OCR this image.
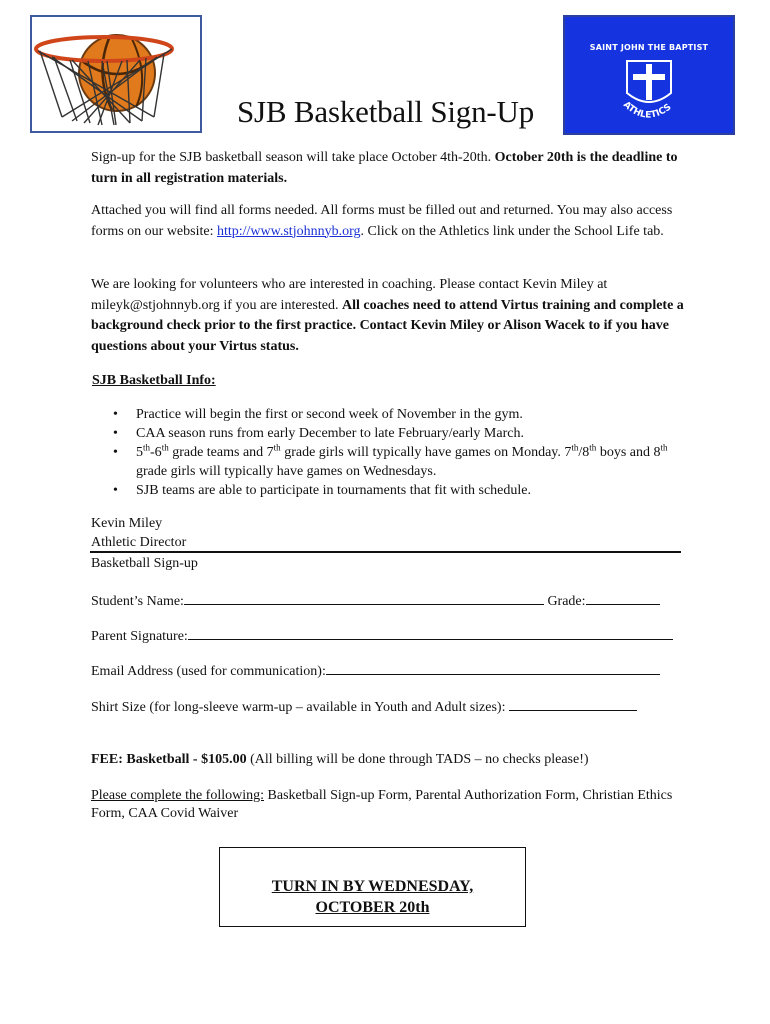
SAINT JOHN THE BAPTIST
ATHLETICS
SJB Basketball Sign-Up

Sign-up for the SJB basketball season will take place October 4th-20th. October 20th is the deadline to turn in all registration materials.

Attached you will find all forms needed. All forms must be filled out and returned. You may also access forms on our website: http://www.stjohnnyb.org. Click on the Athletics link under the School Life tab.

We are looking for volunteers who are interested in coaching. Please contact Kevin Miley at mileyk@stjohnnyb.org if you are interested. All coaches need to attend Virtus training and complete a background check prior to the first practice. Contact Kevin Miley or Alison Wacek to if you have questions about your Virtus status.

SJB Basketball Info:
• Practice will begin the first or second week of November in the gym.
• CAA season runs from early December to late February/early March.
• 5th-6th grade teams and 7th grade girls will typically have games on Monday. 7th/8th boys and 8th grade girls will typically have games on Wednesdays.
• SJB teams are able to participate in tournaments that fit with schedule.
Kevin Miley
Athletic Director
Basketball Sign-up
Student’s Name:	Grade:
Parent Signature:
Email Address (used for communication):
Shirt Size (for long-sleeve warm-up – available in Youth and Adult sizes):
FEE: Basketball - $105.00 (All billing will be done through TADS – no checks please!)

Please complete the following: Basketball Sign-up Form, Parental Authorization Form, Christian Ethics Form, CAA Covid Waiver

TURN IN BY WEDNESDAY,
OCTOBER 20th
